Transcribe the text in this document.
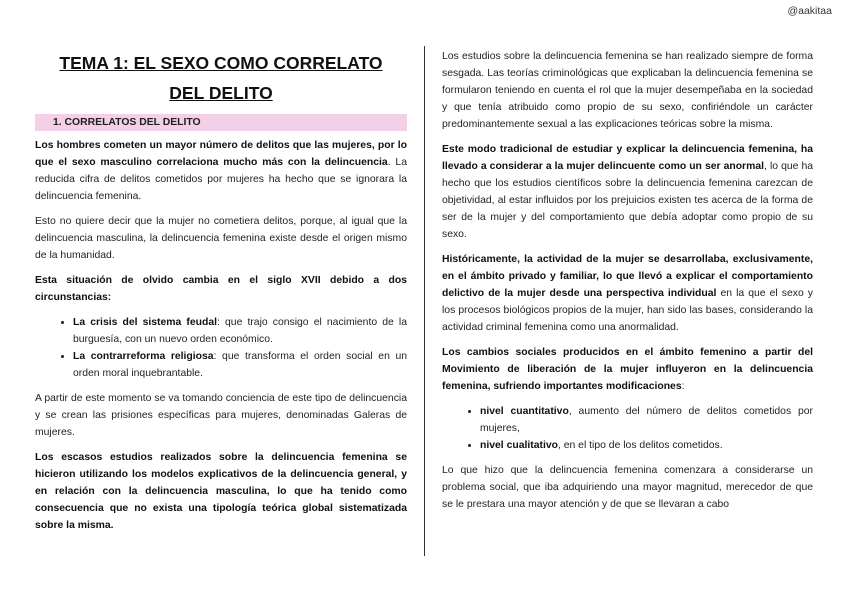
@aakitaa
TEMA 1: EL SEXO COMO CORRELATO
DEL DELITO
1. CORRELATOS DEL DELITO
Los hombres cometen un mayor número de delitos que las mujeres, por lo que el sexo masculino correlaciona mucho más con la delincuencia. La reducida cifra de delitos cometidos por mujeres ha hecho que se ignorara la delincuencia femenina.
Esto no quiere decir que la mujer no cometiera delitos, porque, al igual que la delincuencia masculina, la delincuencia femenina existe desde el origen mismo de la humanidad.
Esta situación de olvido cambia en el siglo XVII debido a dos circunstancias:
• La crisis del sistema feudal: que trajo consigo el nacimiento de la burguesía, con un nuevo orden económico.
• La contrarreforma religiosa: que transforma el orden social en un orden moral inquebrantable.
A partir de este momento se va tomando conciencia de este tipo de delincuencia y se crean las prisiones específicas para mujeres, denominadas Galeras de mujeres.
Los escasos estudios realizados sobre la delincuencia femenina se hicieron utilizando los modelos explicativos de la delincuencia general, y en relación con la delincuencia masculina, lo que ha tenido como consecuencia que no exista una tipología teórica global sistematizada sobre la misma.
Los estudios sobre la delincuencia femenina se han realizado siempre de forma sesgada. Las teorías criminológicas que explicaban la delincuencia femenina se formularon teniendo en cuenta el rol que la mujer desempeñaba en la sociedad y que tenía atribuido como propio de su sexo, confiriéndole un carácter predominantemente sexual a las explicaciones teóricas sobre la misma.
Este modo tradicional de estudiar y explicar la delincuencia femenina, ha llevado a considerar a la mujer delincuente como un ser anormal, lo que ha hecho que los estudios científicos sobre la delincuencia femenina carezcan de objetividad, al estar influidos por los prejuicios existen tes acerca de la forma de ser de la mujer y del comportamiento que debía adoptar como propio de su sexo.
Históricamente, la actividad de la mujer se desarrollaba, exclusivamente, en el ámbito privado y familiar, lo que llevó a explicar el comportamiento delictivo de la mujer desde una perspectiva individual en la que el sexo y los procesos biológicos propios de la mujer, han sido las bases, considerando la actividad criminal femenina como una anormalidad.
Los cambios sociales producidos en el ámbito femenino a partir del Movimiento de liberación de la mujer influyeron en la delincuencia femenina, sufriendo importantes modificaciones:
• nivel cuantitativo, aumento del número de delitos cometidos por mujeres,
• nivel cualitativo, en el tipo de los delitos cometidos.
Lo que hizo que la delincuencia femenina comenzara a considerarse un problema social, que iba adquiriendo una mayor magnitud, merecedor de que se le prestara una mayor atención y de que se llevaran a cabo
